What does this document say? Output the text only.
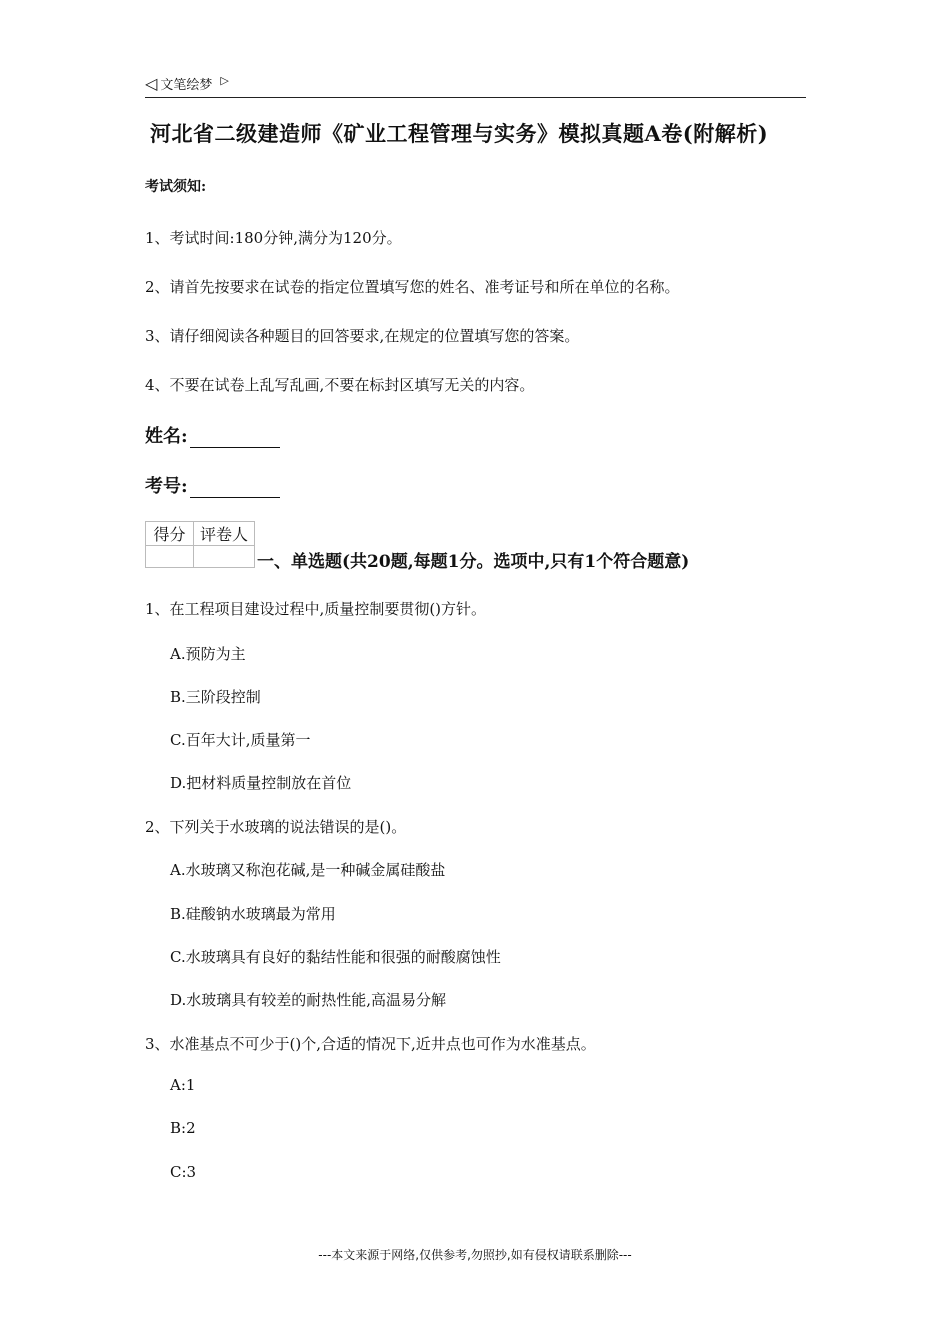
◁ 文笔绘梦 ▷
河北省二级建造师《矿业工程管理与实务》模拟真题A卷(附解析)
考试须知:
1、考试时间:180分钟,满分为120分。
2、请首先按要求在试卷的指定位置填写您的姓名、准考证号和所在单位的名称。
3、请仔细阅读各种题目的回答要求,在规定的位置填写您的答案。
4、不要在试卷上乱写乱画,不要在标封区填写无关的内容。
姓名:
考号:
得分	评卷人

一、单选题(共20题,每题1分。选项中,只有1个符合题意)
1、在工程项目建设过程中,质量控制要贯彻()方针。
A.预防为主
B.三阶段控制
C.百年大计,质量第一
D.把材料质量控制放在首位
2、下列关于水玻璃的说法错误的是()。
A.水玻璃又称泡花碱,是一种碱金属硅酸盐
B.硅酸钠水玻璃最为常用
C.水玻璃具有良好的黏结性能和很强的耐酸腐蚀性
D.水玻璃具有较差的耐热性能,高温易分解
3、水准基点不可少于()个,合适的情况下,近井点也可作为水准基点。
A:1
B:2
C:3
---本文来源于网络,仅供参考,勿照抄,如有侵权请联系删除---
